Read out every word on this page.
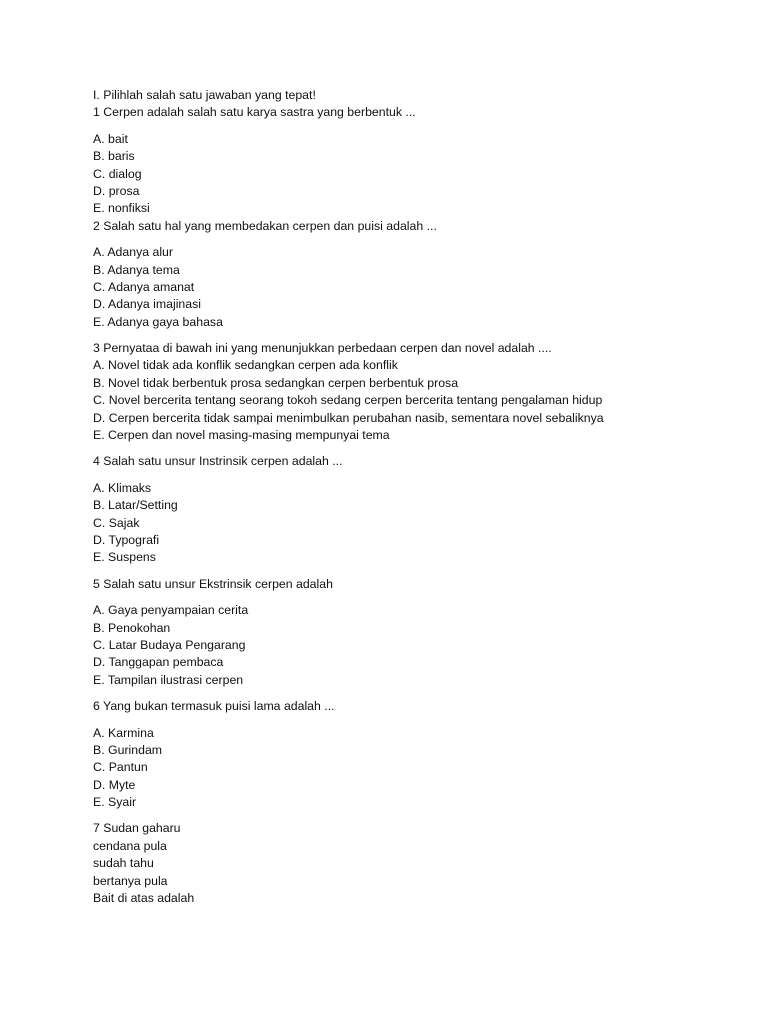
I. Pilihlah salah satu jawaban yang tepat!
1 Cerpen adalah salah satu karya sastra yang berbentuk ...
A. bait
B. baris
C. dialog
D. prosa
E. nonfiksi
2 Salah satu hal yang membedakan cerpen dan puisi adalah ...
A. Adanya alur
B. Adanya tema
C. Adanya amanat
D. Adanya imajinasi
E. Adanya gaya bahasa
3 Pernyataa di bawah ini yang menunjukkan perbedaan cerpen dan novel adalah ....
A. Novel tidak ada konflik sedangkan cerpen ada konflik
B. Novel tidak berbentuk prosa sedangkan cerpen berbentuk prosa
C. Novel bercerita tentang seorang tokoh sedang cerpen bercerita tentang pengalaman hidup
D. Cerpen bercerita tidak sampai menimbulkan perubahan nasib, sementara novel sebaliknya
E. Cerpen dan novel masing-masing mempunyai tema
4 Salah satu unsur Instrinsik cerpen adalah ...
A. Klimaks
B. Latar/Setting
C. Sajak
D. Typografi
E. Suspens
5 Salah satu unsur Ekstrinsik cerpen adalah
A. Gaya penyampaian cerita
B. Penokohan
C. Latar Budaya Pengarang
D. Tanggapan pembaca
E. Tampilan ilustrasi cerpen
6 Yang bukan termasuk puisi lama adalah ...
A. Karmina
B. Gurindam
C. Pantun
D. Myte
E. Syair
7 Sudan gaharu
cendana pula
sudah tahu
bertanya pula
Bait di atas adalah
